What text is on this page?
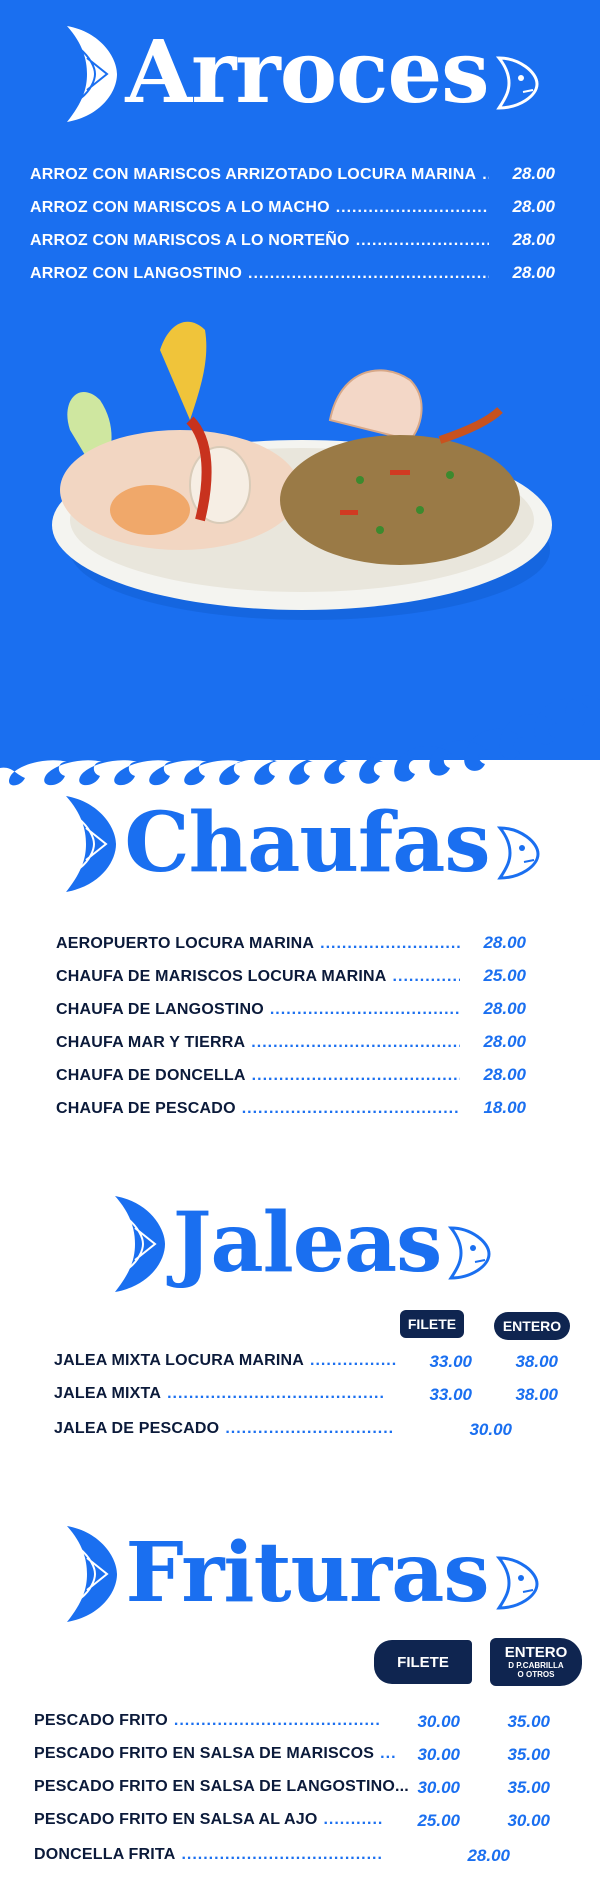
Arroces
ARROZ CON MARISCOS ARRIZOTADO LOCURA MARINA .....	28.00
ARROZ CON MARISCOS A LO MACHO .....	28.00
ARROZ CON MARISCOS A LO NORTEÑO .....	28.00
ARROZ CON LANGOSTINO .....	28.00
Chaufas
AEROPUERTO LOCURA MARINA .....	28.00
CHAUFA DE MARISCOS LOCURA MARINA .....	25.00
CHAUFA DE LANGOSTINO .....	28.00
CHAUFA MAR Y TIERRA .....	28.00
CHAUFA DE DONCELLA .....	28.00
CHAUFA DE PESCADO .....	18.00
Jaleas
FILETE	ENTERO
JALEA MIXTA LOCURA MARINA .....	33.00	38.00
JALEA MIXTA .....	33.00	38.00
JALEA DE PESCADO .....	30.00
Frituras
FILETE
ENTERO
D P.CABRILLA
O OTROS
PESCADO FRITO .....	30.00	35.00
PESCADO FRITO EN SALSA DE MARISCOS .....	30.00	35.00
PESCADO FRITO EN SALSA DE LANGOSTINO... 30.00	35.00
PESCADO FRITO EN SALSA AL AJO .....	25.00	30.00
DONCELLA FRITA .....	28.00
